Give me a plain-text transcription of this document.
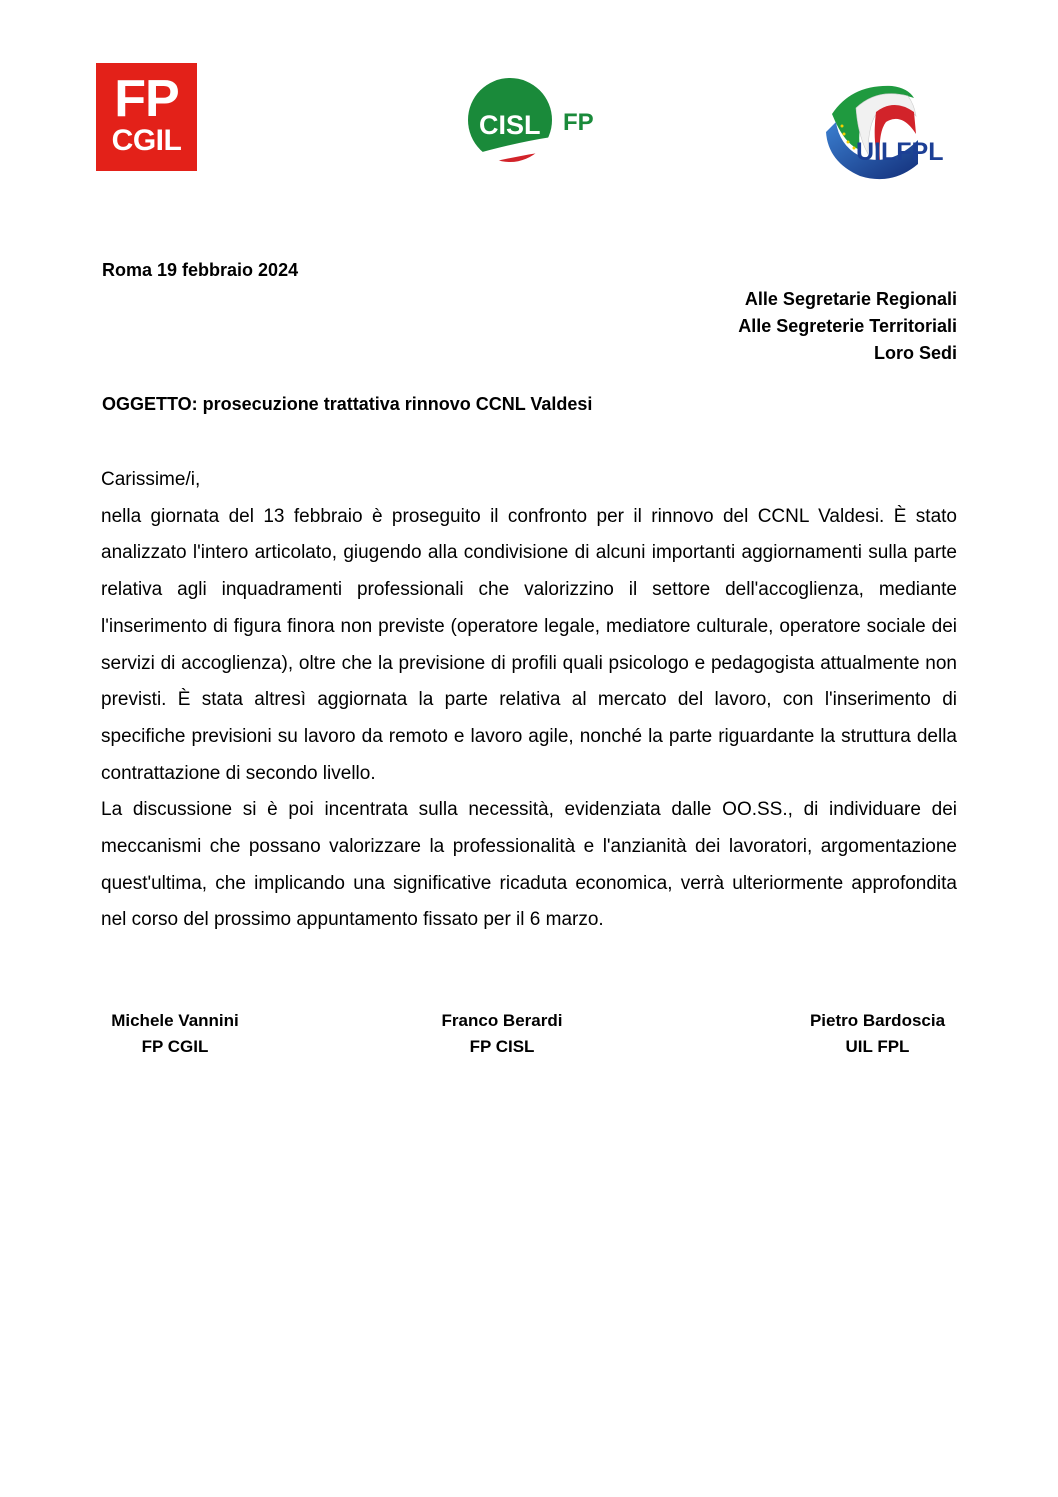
FP
CGIL	CISL FP
UILFPL
Roma 19 febbraio 2024
Alle Segretarie Regionali
Alle Segreterie Territoriali
Loro Sedi
OGGETTO: prosecuzione trattativa rinnovo CCNL Valdesi

Carissime/i,

nella giornata del 13 febbraio è proseguito il confronto per il rinnovo del CCNL Valdesi. È stato analizzato l'intero articolato, giugendo alla condivisione di alcuni importanti aggiornamenti sulla parte relativa agli inquadramenti professionali che valorizzino il settore dell'accoglienza, mediante l'inserimento di figura finora non previste (operatore legale, mediatore culturale, operatore sociale dei servizi di accoglienza), oltre che la previsione di profili quali psicologo e pedagogista attualmente non previsti. È stata altresì aggiornata la parte relativa al mercato del lavoro, con l'inserimento di specifiche previsioni su lavoro da remoto e lavoro agile, nonché la parte riguardante la struttura della contrattazione di secondo livello.

La discussione si è poi incentrata sulla necessità, evidenziata dalle OO.SS., di individuare dei meccanismi che possano valorizzare la professionalità e l'anzianità dei lavoratori, argomentazione quest'ultima, che implicando una significative ricaduta economica, verrà ulteriormente approfondita nel corso del prossimo appuntamento fissato per il 6 marzo.

Michele Vannini
FP CGIL
Franco Berardi
FP CISL
Pietro Bardoscia
UIL FPL
